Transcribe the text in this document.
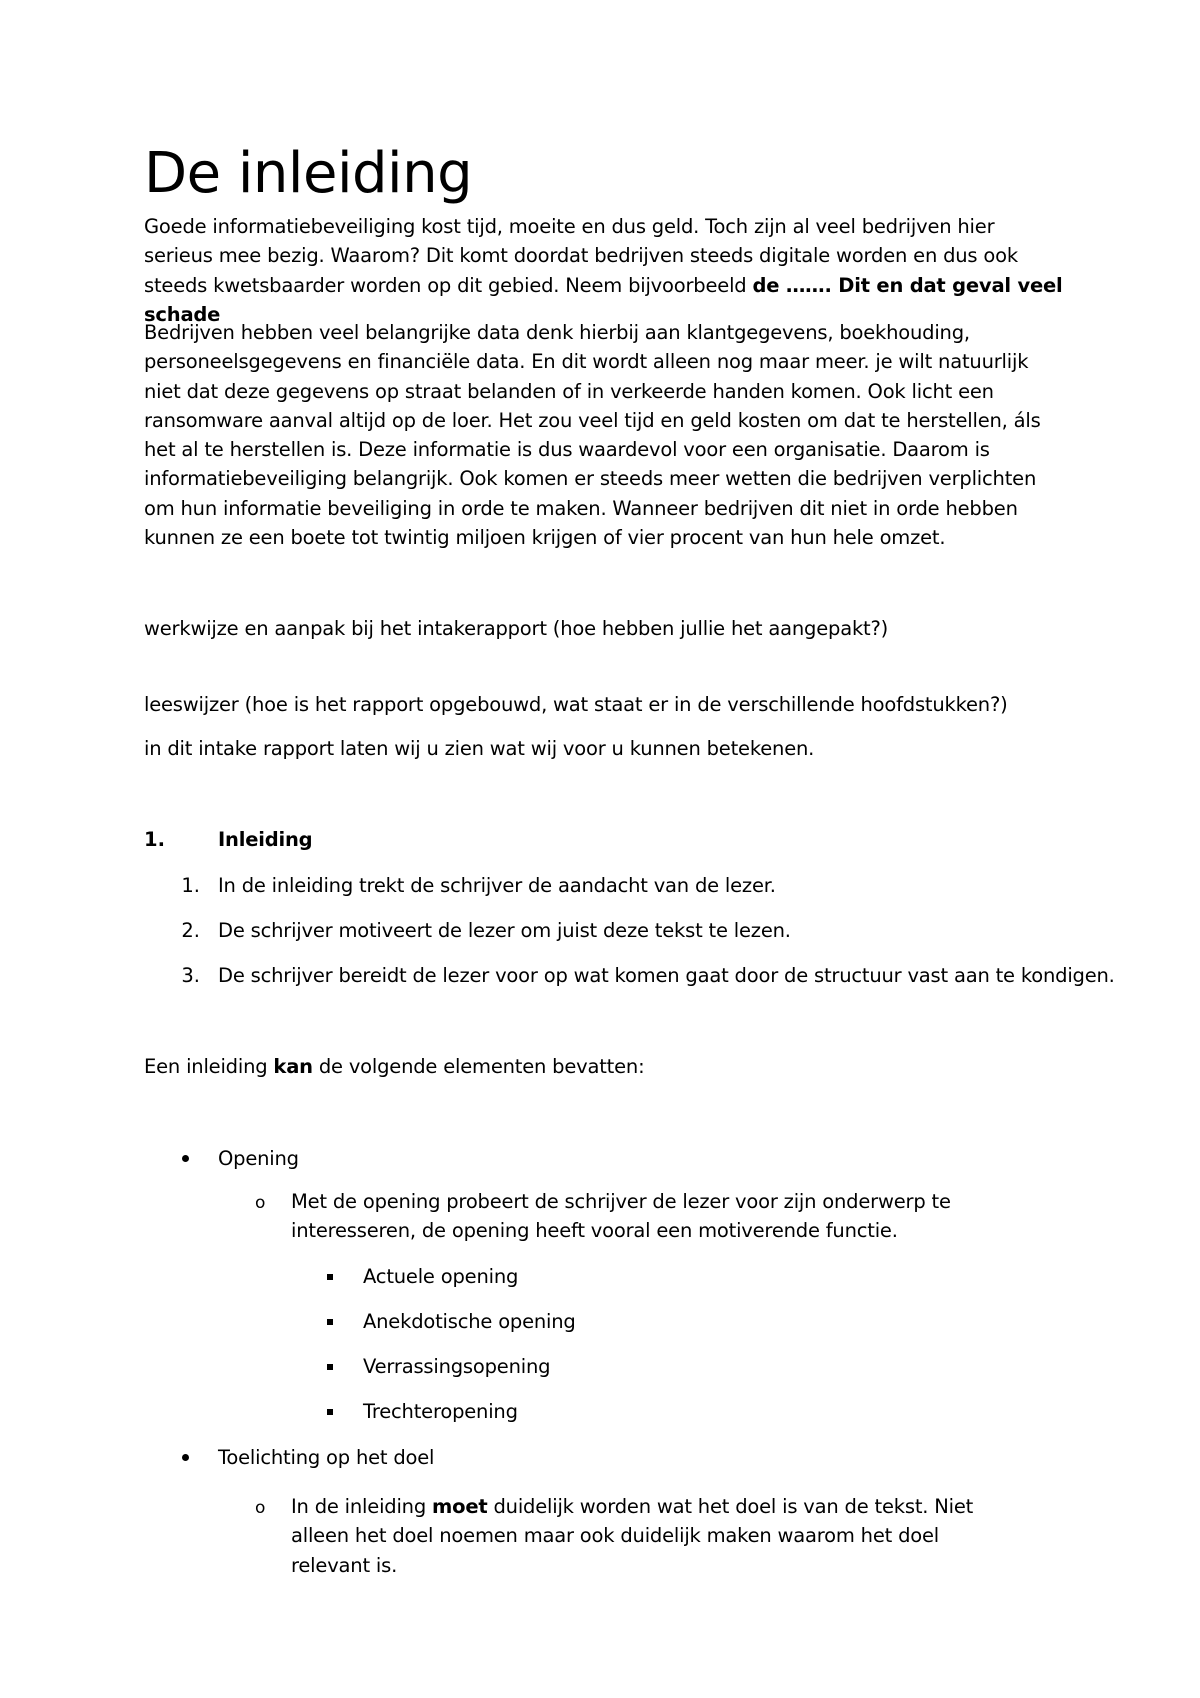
De inleiding

Goede informatiebeveiliging kost tijd, moeite en dus geld. Toch zijn al veel bedrijven hier serieus mee bezig. Waarom? Dit komt doordat bedrijven steeds digitale worden en dus ook steeds kwetsbaarder worden op dit gebied. Neem bijvoorbeeld de ……. Dit en dat geval veel schade

Bedrijven hebben veel belangrijke data denk hierbij aan klantgegevens, boekhouding, personeelsgegevens en financiële data. En dit wordt alleen nog maar meer. je wilt natuurlijk niet dat deze gegevens op straat belanden of in verkeerde handen komen. Ook licht een ransomware aanval altijd op de loer. Het zou veel tijd en geld kosten om dat te herstellen, áls het al te herstellen is. Deze informatie is dus waardevol voor een organisatie. Daarom is informatiebeveiliging belangrijk. Ook komen er steeds meer wetten die bedrijven verplichten om hun informatie beveiliging in orde te maken. Wanneer bedrijven dit niet in orde hebben kunnen ze een boete tot twintig miljoen krijgen of vier procent van hun hele omzet.

werkwijze en aanpak bij het intakerapport (hoe hebben jullie het aangepakt?)

leeswijzer (hoe is het rapport opgebouwd, wat staat er in de verschillende hoofdstukken?)

in dit intake rapport laten wij u zien wat wij voor u kunnen betekenen.

1.	Inleiding
1. In de inleiding trekt de schrijver de aandacht van de lezer.
2. De schrijver motiveert de lezer om juist deze tekst te lezen.
3. De schrijver bereidt de lezer voor op wat komen gaat door de structuur vast aan te kondigen.

Een inleiding kan de volgende elementen bevatten:

Opening
o Met de opening probeert de schrijver de lezer voor zijn onderwerp te interesseren, de opening heeft vooral een motiverende functie.

Actuele opening
Anekdotische opening
Verrassingsopening
Trechteropening
Toelichting op het doel
o In de inleiding moet duidelijk worden wat het doel is van de tekst. Niet alleen het doel noemen maar ook duidelijk maken waarom het doel relevant is.
